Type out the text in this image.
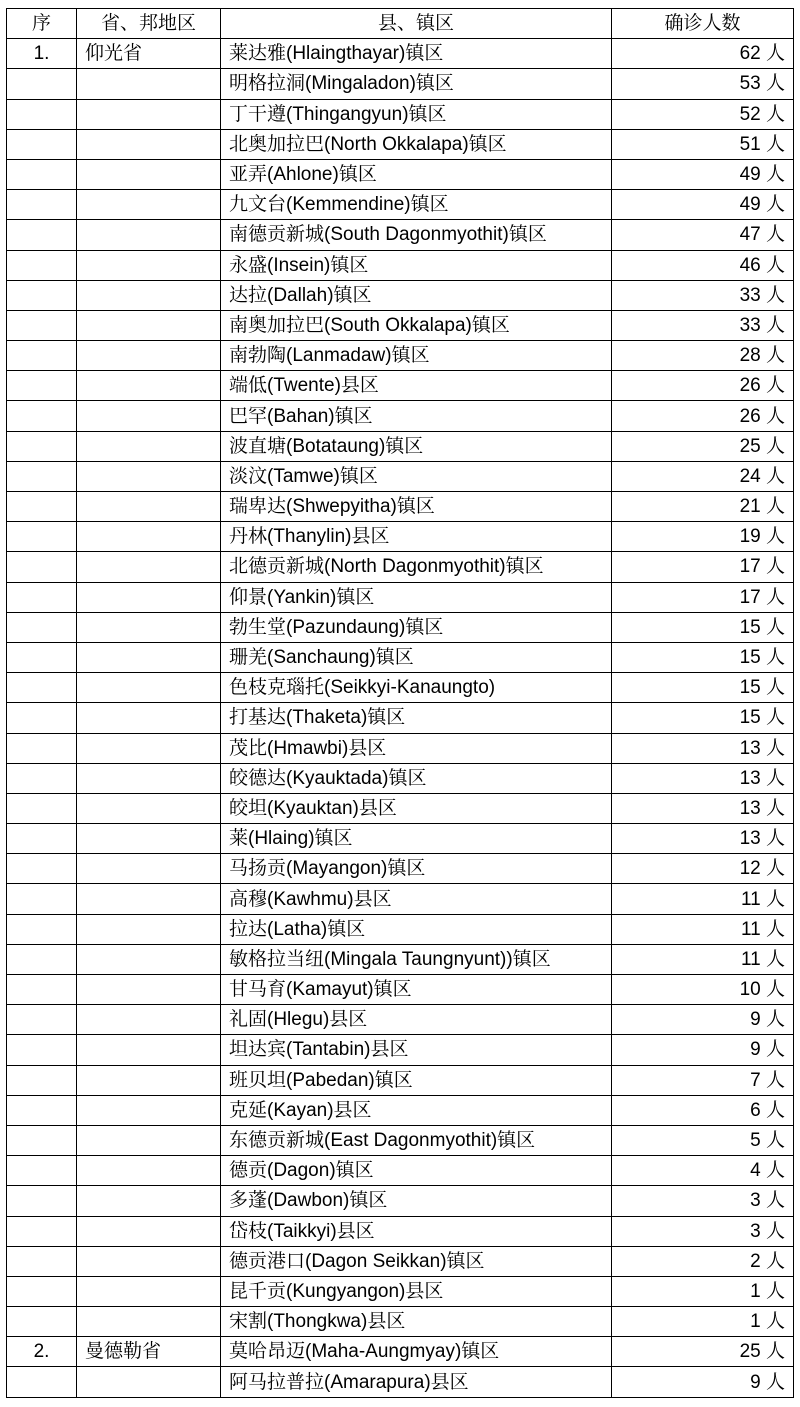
序	省、邦地区	县、镇区	确诊人数
1.	仰光省	莱达雅(Hlaingthayar)镇区	62 人
		明格拉洞(Mingaladon)镇区	53 人
		丁干遵(Thingangyun)镇区	52 人
		北奥加拉巴(North Okkalapa)镇区	51 人
		亚弄(Ahlone)镇区	49 人
		九文台(Kemmendine)镇区	49 人
		南德贡新城(South Dagonmyothit)镇区	47 人
		永盛(Insein)镇区	46 人
		达拉(Dallah)镇区	33 人
		南奥加拉巴(South Okkalapa)镇区	33 人
		南勃陶(Lanmadaw)镇区	28 人
		端低(Twente)县区	26 人
		巴罕(Bahan)镇区	26 人
		波直塘(Botataung)镇区	25 人
		淡汶(Tamwe)镇区	24 人
		瑞卑达(Shwepyitha)镇区	21 人
		丹林(Thanylin)县区	19 人
		北德贡新城(North Dagonmyothit)镇区	17 人
		仰景(Yankin)镇区	17 人
		勃生堂(Pazundaung)镇区	15 人
		珊羌(Sanchaung)镇区	15 人
		色枝克瑙托(Seikkyi-Kanaungto)	15 人
		打基达(Thaketa)镇区	15 人
		茂比(Hmawbi)县区	13 人
		皎德达(Kyauktada)镇区	13 人
		皎坦(Kyauktan)县区	13 人
		莱(Hlaing)镇区	13 人
		马扬贡(Mayangon)镇区	12 人
		高穆(Kawhmu)县区	11 人
		拉达(Latha)镇区	11 人
		敏格拉当纽(Mingala Taungnyunt))镇区	11 人
		甘马育(Kamayut)镇区	10 人
		礼固(Hlegu)县区	9 人
		坦达宾(Tantabin)县区	9 人
		班贝坦(Pabedan)镇区	7 人
		克延(Kayan)县区	6 人
		东德贡新城(East Dagonmyothit)镇区	5 人
		德贡(Dagon)镇区	4 人
		多蓬(Dawbon)镇区	3 人
		岱枝(Taikkyi)县区	3 人
		德贡港口(Dagon Seikkan)镇区	2 人
		昆千贡(Kungyangon)县区	1 人
		宋割(Thongkwa)县区	1 人
2.	曼德勒省	莫哈昂迈(Maha-Aungmyay)镇区	25 人
		阿马拉普拉(Amarapura)县区	9 人
